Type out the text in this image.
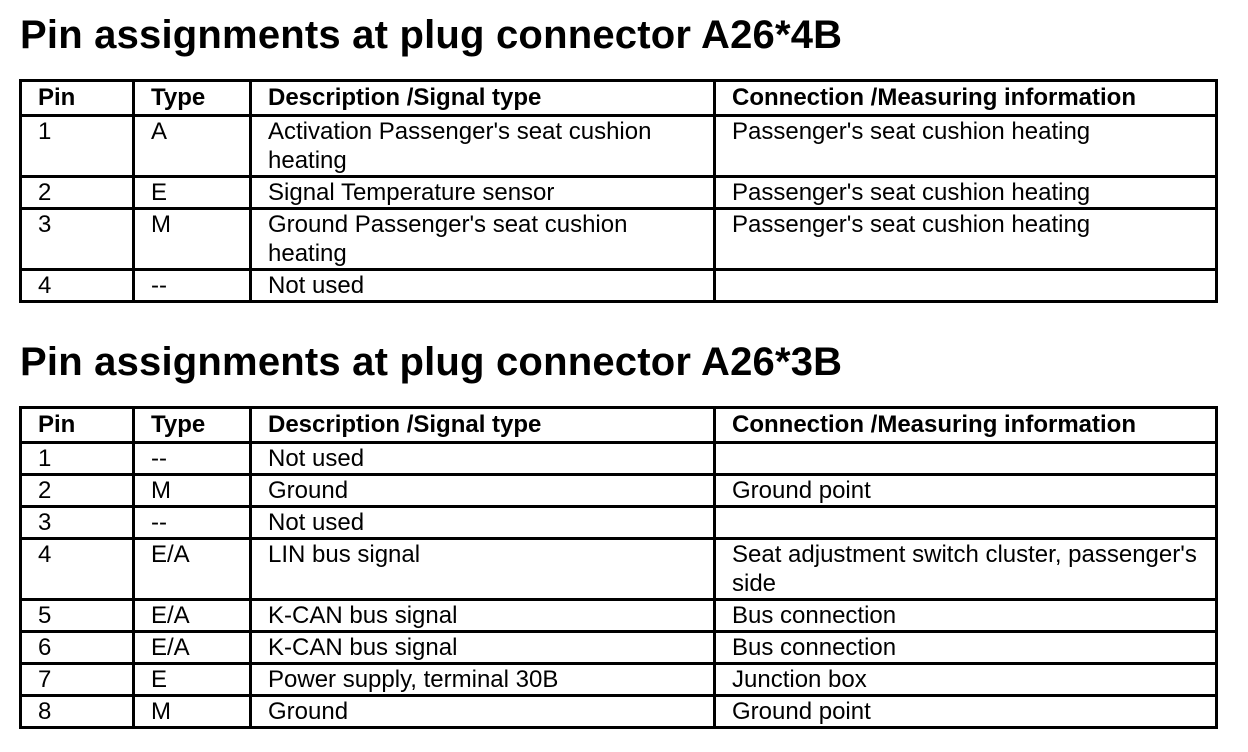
Pin assignments at plug connector A26*4B
Pin	Type	Description /Signal type	Connection /Measuring information
1	A	Activation Passenger's seat cushion heating	Passenger's seat cushion heating
2	E	Signal Temperature sensor	Passenger's seat cushion heating
3	M	Ground Passenger's seat cushion heating	Passenger's seat cushion heating
4	--	Not used	
Pin assignments at plug connector A26*3B
Pin	Type	Description /Signal type	Connection /Measuring information
1	--	Not used	
2	M	Ground	Ground point
3	--	Not used	
4	E/A	LIN bus signal	Seat adjustment switch cluster, passenger's side
5	E/A	K-CAN bus signal	Bus connection
6	E/A	K-CAN bus signal	Bus connection
7	E	Power supply, terminal 30B	Junction box
8	M	Ground	Ground point
